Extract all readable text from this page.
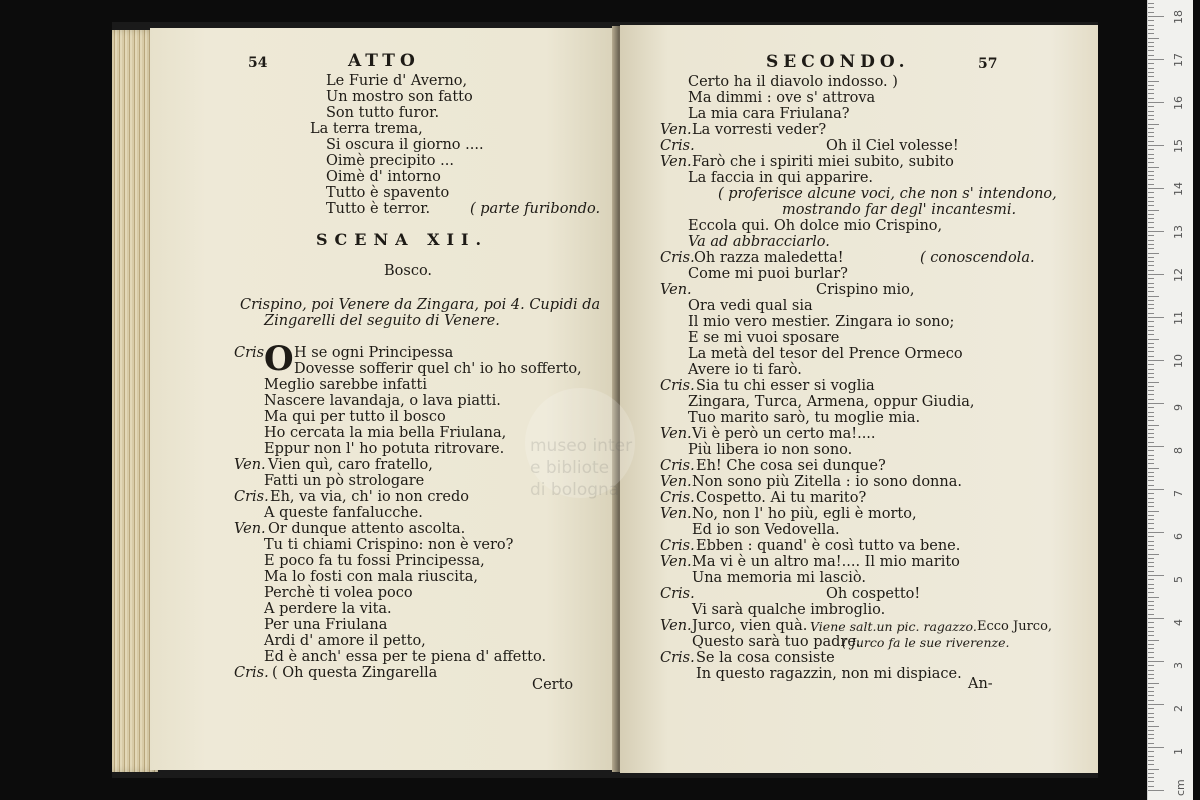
54	ATTO
Le Furie d' Averno,
Un mostro son fatto
Son tutto furor.
La terra trema,
Si oscura il giorno ....
Oimè precipito ...
Oimè d' intorno
Tutto è spavento
Tutto è terror.	( parte furibondo.
SCENA XII.
Bosco.
Crispino, poi Venere da Zingara, poi 4. Cupidi da
Zingarelli del seguito di Venere.
Cris.
O H se ogni Principessa
Dovesse sofferir quel ch' io ho sofferto,
Meglio sarebbe infatti
Nascere lavandaja, o lava piatti.
Ma qui per tutto il bosco
Ho cercata la mia bella Friulana,
Eppur non l' ho potuta ritrovare.
Ven. Vien quì, caro fratello,
Fatti un pò strologare
Cris. Eh, va via, ch' io non credo
A queste fanfalucche.
Ven. Or dunque attento ascolta.
Tu ti chiami Crispino: non è vero?
E poco fa tu fossi Principessa,
Ma lo fosti con mala riuscita,
Perchè ti volea poco
A perdere la vita.
Per una Friulana
Ardi d' amore il petto,
Ed è anch' essa per te piena d' affetto.
Cris. ( Oh questa Zingarella
Certo
SECONDO.	57
Certo ha il diavolo indosso. )
Ma dimmi : ove s' attrova
La mia cara Friulana?
Ven. La vorresti veder?
Cris.	Oh il Ciel volesse!
Ven. Farò che i spiriti miei subito, subito
La faccia in qui apparire.
( proferisce alcune voci, che non s' intendono,
mostrando far degl' incantesmi.
Eccola qui. Oh dolce mio Crispino,
Va ad abbracciarlo.
Cris. Oh razza maledetta!	( conoscendola.
Come mi puoi burlar?
Ven.	Crispino mio,
Ora vedi qual sia
Il mio vero mestier. Zingara io sono;
E se mi vuoi sposare
La metà del tesor del Prence Ormeco
Avere io ti farò.
Cris. Sia tu chi esser si voglia
Zingara, Turca, Armena, oppur Giudia,
Tuo marito sarò, tu moglie mia.
Ven. Vi è però un certo ma!....
Più libera io non sono.
Cris. Eh! Che cosa sei dunque?
Ven. Non sono più Zitella : io sono donna.
Cris. Cospetto. Ai tu marito?
Ven. No, non l' ho più, egli è morto,
Ed io son Vedovella.
Cris. Ebben : quand' è così tutto va bene.
Ven. Ma vi è un altro ma!.... Il mio marito
Una memoria mi lasciò.
Cris.	Oh cospetto!
Vi sarà qualche imbroglio.
Ven. Jurco, vien quà. Viene salt.un pic. ragazzo. Ecco Jurco,
Questo sarà tuo padre.
( Jurco fa le sue riverenze.
Cris. Se la cosa consiste
In questo ragazzin, non mi dispiace.
An-
museo inter
e bibliote
di bologna
cm
18
17
16
15
14
13
12
11
10
9
8
7
6
5
4
3
2
1
